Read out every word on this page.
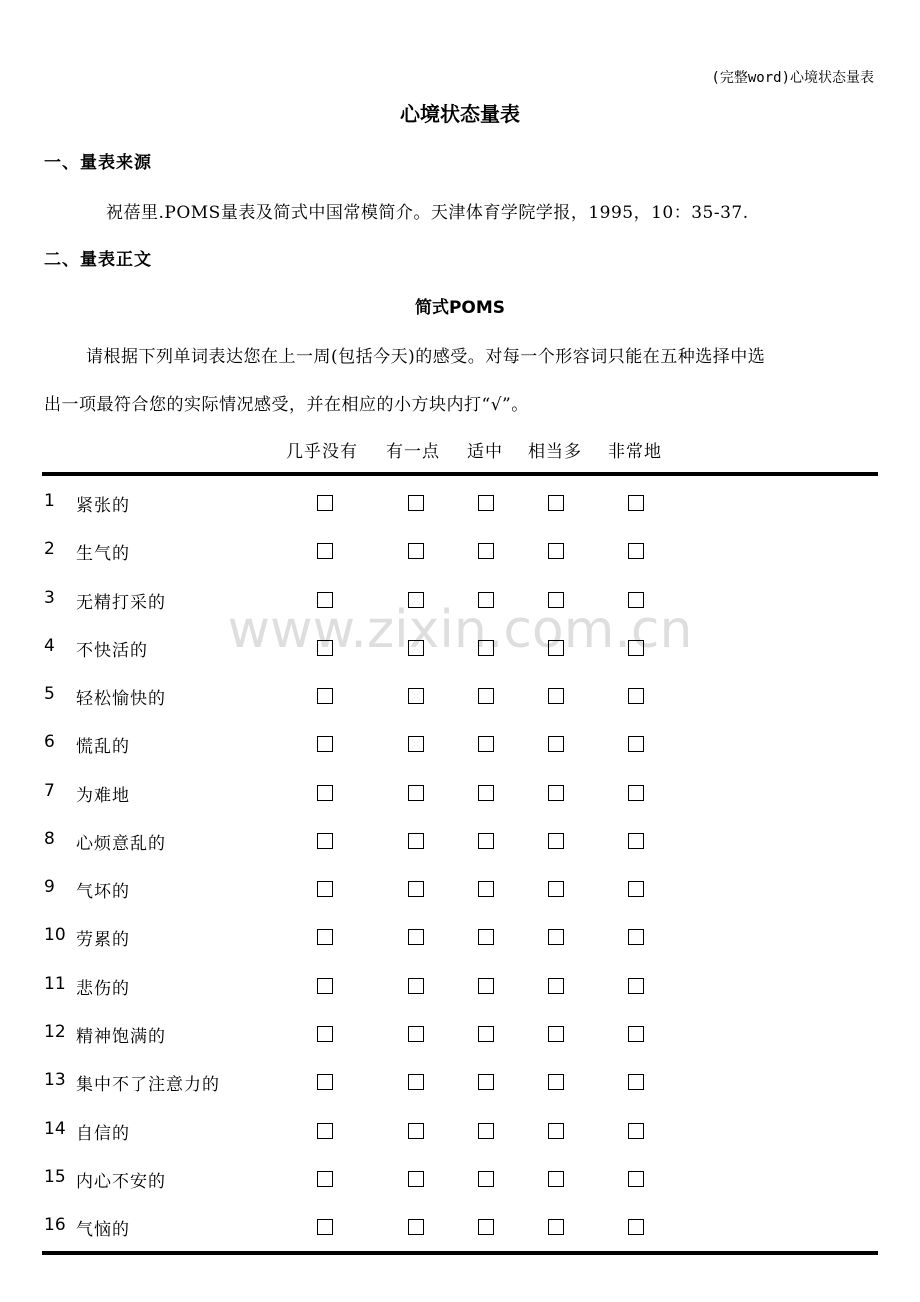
(完整word)心境状态量表
心境状态量表
一、量表来源
祝蓓里.POMS量表及简式中国常模简介。天津体育学院学报，1995，10：35-37.
二、量表正文
简式POMS
请根据下列单词表达您在上一周(包括今天)的感受。对每一个形容词只能在五种选择中选
出一项最符合您的实际情况感受，并在相应的小方块内打“√”。
几乎没有 有一点 适中 相当多 非常地
1 紧张的
2 生气的
3 无精打采的
4 不快活的
5 轻松愉快的
6 慌乱的
7 为难地
8 心烦意乱的
9 气坏的
10 劳累的
11 悲伤的
12 精神饱满的
13 集中不了注意力的
14 自信的
15 内心不安的
16 气恼的
www.zixin.com.cn
